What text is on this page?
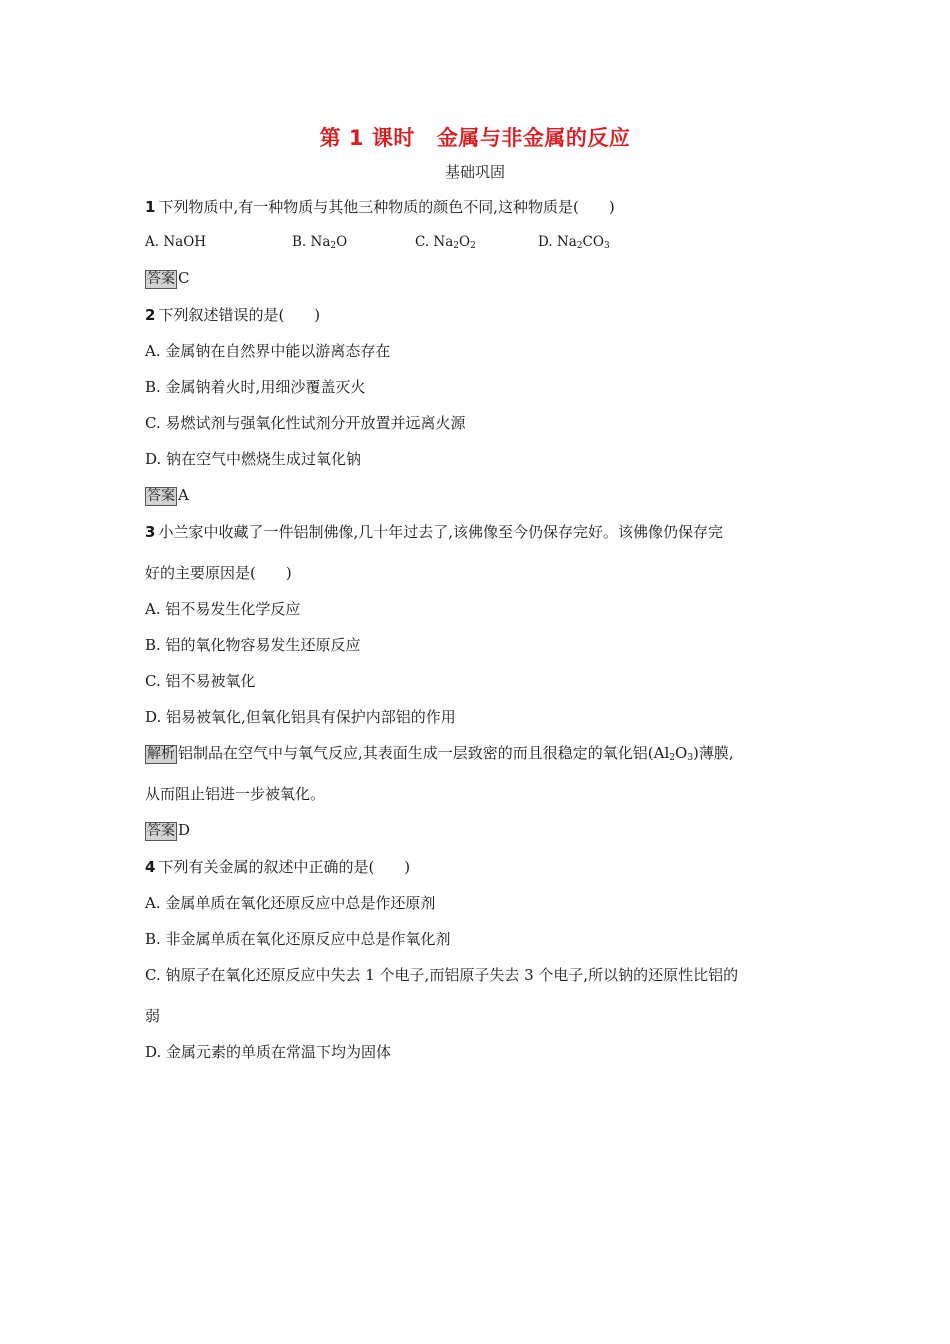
第 1 课时 金属与非金属的反应
基础巩固
1 下列物质中,有一种物质与其他三种物质的颜色不同,这种物质是(　　)
A. NaOH	B. $Na_2O$	C. $Na_2O_2$	D. $Na_2CO_3$
答案 C
2 下列叙述错误的是(　　)
A. 金属钠在自然界中能以游离态存在
B. 金属钠着火时,用细沙覆盖灭火
C. 易燃试剂与强氧化性试剂分开放置并远离火源
D. 钠在空气中燃烧生成过氧化钠
答案 A
3 小兰家中收藏了一件铝制佛像,几十年过去了,该佛像至今仍保存完好。该佛像仍保存完
好的主要原因是(　　)
A. 铝不易发生化学反应
B. 铝的氧化物容易发生还原反应
C. 铝不易被氧化
D. 铝易被氧化,但氧化铝具有保护内部铝的作用
解析 铝制品在空气中与氧气反应,其表面生成一层致密的而且很稳定的氧化铝$(Al_2O_3)$薄膜,
从而阻止铝进一步被氧化。
答案 D
4 下列有关金属的叙述中正确的是(　　)
A. 金属单质在氧化还原反应中总是作还原剂
B. 非金属单质在氧化还原反应中总是作氧化剂
C. 钠原子在氧化还原反应中失去 1 个电子,而铝原子失去 3 个电子,所以钠的还原性比铝的
弱
D. 金属元素的单质在常温下均为固体
